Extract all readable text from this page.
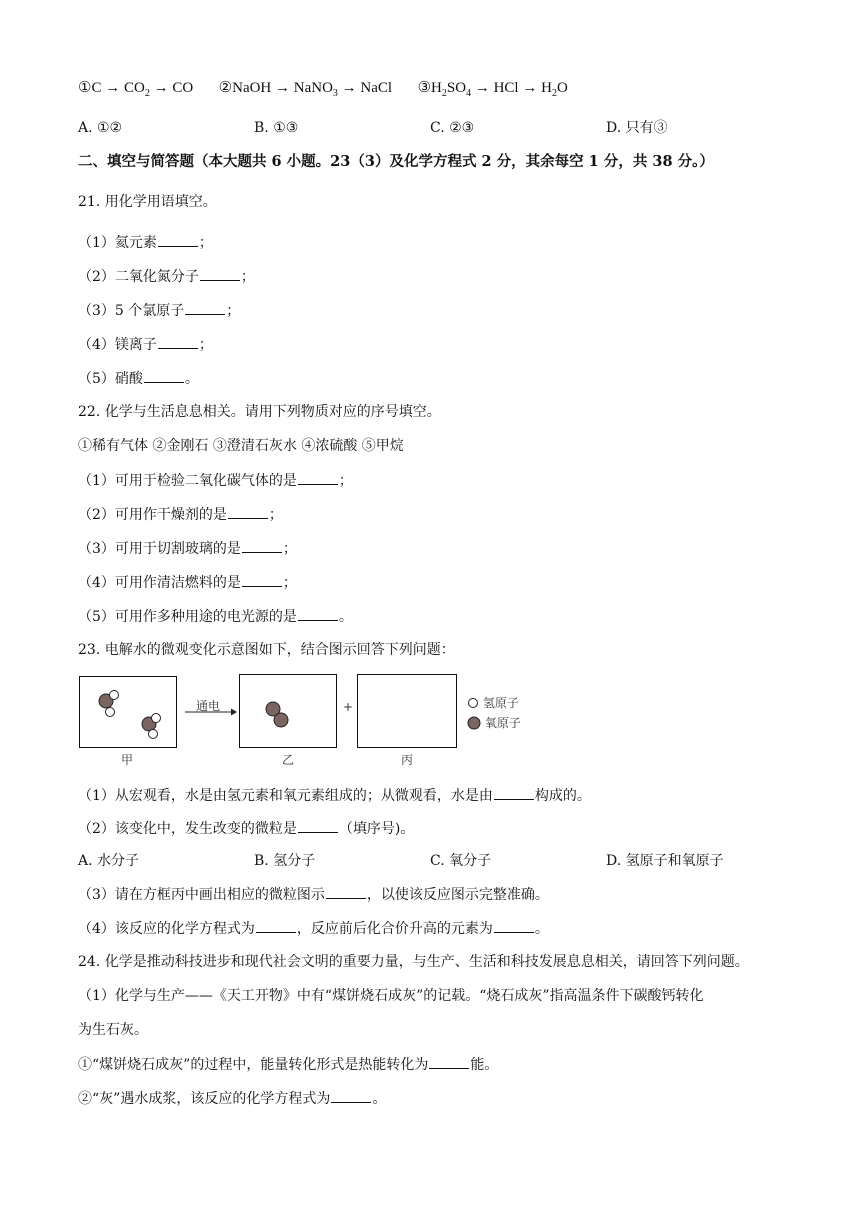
①C → $CO_2$ → CO ②NaOH → NaNO$_3$ → NaCl $③H_2SO_4$ → HCl → $H_2O$
A. ①②	B. ①③	C. ②③	D. 只有③
二、填空与简答题（本大题共 6 小题。23（3）及化学方程式 2 分，其余每空 1 分，共 38 分。）
21. 用化学用语填空。
（1）氦元素	；
（2）二氧化氮分子	；
（3）5 个氯原子	；
（4）镁离子	；
（5）硝酸	。
22. 化学与生活息息相关。请用下列物质对应的序号填空。
①稀有气体 ②金刚石 ③澄清石灰水 ④浓硫酸 ⑤甲烷
（1）可用于检验二氧化碳气体的是	；
（2）可用作干燥剂的是	；
（3）可用于切割玻璃的是	；
（4）可用作清洁燃料的是	；
（5）可用作多种用途的电光源的是	。
23. 电解水的微观变化示意图如下，结合图示回答下列问题：
甲
通电
乙
+
丙
氢原子
氧原子
（1）从宏观看，水是由氢元素和氧元素组成的；从微观看，水是由	构成的。
（2）该变化中，发生改变的微粒是	（填序号)。
A. 水分子	B. 氢分子	C. 氧分子	D. 氢原子和氧原子
（3）请在方框丙中画出相应的微粒图示	，以使该反应图示完整准确。
（4）该反应的化学方程式为	，反应前后化合价升高的元素为	。
24. 化学是推动科技进步和现代社会文明的重要力量，与生产、生活和科技发展息息相关，请回答下列问题。
（1）化学与生产——《天工开物》中有“煤饼烧石成灰”的记载。“烧石成灰”指高温条件下碳酸钙转化
为生石灰。
①“煤饼烧石成灰”的过程中，能量转化形式是热能转化为	能。
②“灰”遇水成浆，该反应的化学方程式为	。
